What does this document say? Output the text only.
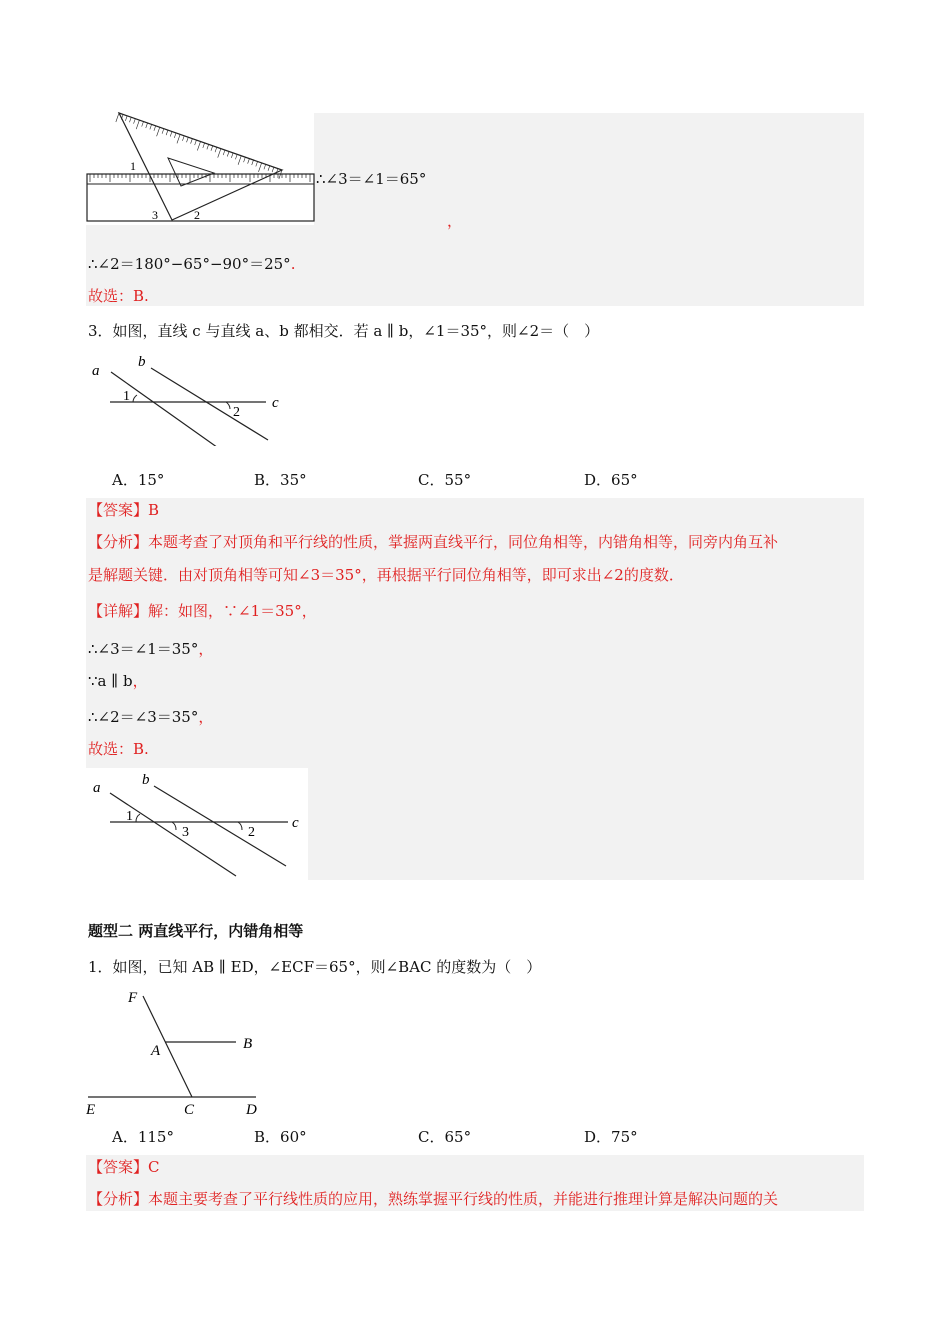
1
2
3
∴∠3＝∠1＝65°
，
∴∠2＝180°−65°−90°＝25°.
故选：B.
3．如图，直线 c 与直线 a、b 都相交．若 a ∥ b，∠1＝35°，则∠2＝（　）
a
b
c
1
2
A．15°	B．35°	C．55°	D．65°
【答案】B
【分析】本题考查了对顶角和平行线的性质，掌握两直线平行，同位角相等，内错角相等，同旁内角互补
是解题关键．由对顶角相等可知∠3＝35°，再根据平行同位角相等，即可求出∠2的度数．
【详解】解：如图，∵∠1＝35°，
∴∠3＝∠1＝35°，
∵a ∥ b，
∴∠2＝∠3＝35°，
故选：B.
a	b
c
1
3	2
题型二 两直线平行，内错角相等
1．如图，已知 AB ∥ ED，∠ECF＝65°，则∠BAC 的度数为（　）
F
A	B
E	C	D
A．115°	B．60°	C．65°	D．75°
【答案】C
【分析】本题主要考查了平行线性质的应用，熟练掌握平行线的性质，并能进行推理计算是解决问题的关
